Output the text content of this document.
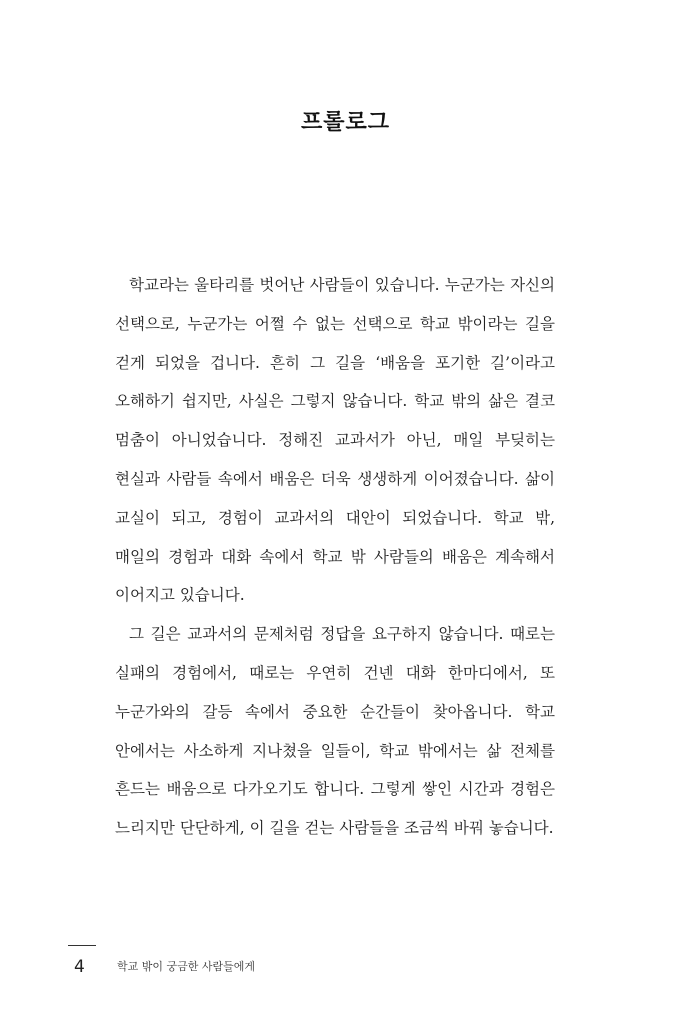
프롤로그

학교라는 울타리를 벗어난 사람들이 있습니다. 누군가는 자신의 선택으로, 누군가는 어쩔 수 없는 선택으로 학교 밖이라는 길을 걷게 되었을 겁니다. 흔히 그 길을 ‘배움을 포기한 길’이라고 오해하기 쉽지만, 사실은 그렇지 않습니다. 학교 밖의 삶은 결코 멈춤이 아니었습니다. 정해진 교과서가 아닌, 매일 부딪히는 현실과 사람들 속에서 배움은 더욱 생생하게 이어졌습니다. 삶이 교실이 되고, 경험이 교과서의 대안이 되었습니다. 학교 밖, 매일의 경험과 대화 속에서 학교 밖 사람들의 배움은 계속해서 이어지고 있습니다.

그 길은 교과서의 문제처럼 정답을 요구하지 않습니다. 때로는 실패의 경험에서, 때로는 우연히 건넨 대화 한마디에서, 또 누군가와의 갈등 속에서 중요한 순간들이 찾아옵니다. 학교 안에서는 사소하게 지나쳤을 일들이, 학교 밖에서는 삶 전체를 흔드는 배움으로 다가오기도 합니다. 그렇게 쌓인 시간과 경험은 느리지만 단단하게, 이 길을 걷는 사람들을 조금씩 바꿔 놓습니다.

4	학교 밖이 궁금한 사람들에게
